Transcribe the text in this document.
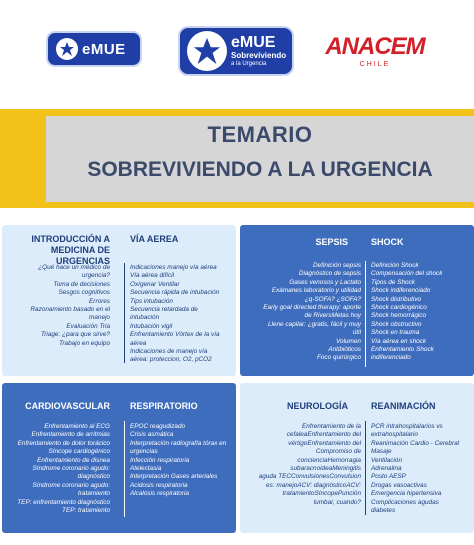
eMUE	eMUE
Sobreviviendo
a la Urgencia
ANACEM
CHILE
TEMARIO
SOBREVIVIENDO A LA URGENCIA
INTRODUCCIÓN A
MEDICINA DE URGENCIAS
VÍA AEREA
¿Qué hace un médico de
urgencia?
Toma de decisiones
Sesgos cognitivos
Errores
Razonamiento basado en el
manejo
Evaluación Tria
Triage: ¿para que sirve?
Trabajo en equipo
Indicaciones manejo vía aérea
Vía aérea difícil
Oxígenar Ventilar
Secuencia rápida de intubación
Tips intubación
Secuencia retardada de
intubación
Intubación vigil
Enfrentamiento Vórtex de la vía
aérea
Indicaciones de manejo vía
aérea: proteccion, O2, pCO2
SEPSIS	SHOCK
Definición sepsis
Diagnóstico de sepsis
Gases venosos y Lactato
Exámanes laboratorio y utilidad
¿q-SOFA? ¿SOFA?
Early goal directed therapy: aporte
de RiversMetas hoy
Llene capilar: ¿gratis, fácil y muy
útil
Volumen
Antibióticos
Foco quirúrgico
Definición Shock
Compensación del shock
Tipos de Shock
Shock indiferenciado
Shock distributivo
Shock cardiogénico
Shock hemorrágico
Shock obstructivo
Shock en trauma
Vía aérea en shock
Enfrentamiento Shock
indiferenciado
CARDIOVASCULAR RESPIRATORIO
Enfrentamiento al ECG
Enfrentamiento de arritmias
Enfrentamiento de dolor torácico
Síncope cardiogénico
Enfrentamiento de disnea
Síndrome coronario agudo:
diagnóstico
Síndrome coronario agudo:
tratamiento
TEP: enfrentamiento diagnóstico
TEP: tratamiento
EPOC reagudizado
Crisis asmática
Interpretación radiografía tórax en
urgencias
Infección respiratoria
Atelectasia
Interpretación Gases arteriales
Acidosis respiratoria
Alcalosis respiratoria
NEUROLOGÍA	REANIMACIÓN
Enfrentamiento de la
cefaleaEnfrentamiento del
vértigoEnfrentamiento del
Compromiso de
concienciaHemorragia
subaracnoideaMeningitis
aguda TECConvulsionesConvulsion
es: manejoACV: diagnósticoACV:
tratamientoSíncopePunción
lumbar, cuando?
PCR intrahospitalarios vs
extrahospitalario
Reanimación Cardio - Cerebral
Masaje
Ventilación
Adrenalina
Posto AESP
Drogas vasoactivas
Emergencia hipertensiva
Complicaciones agudas
diabetes
